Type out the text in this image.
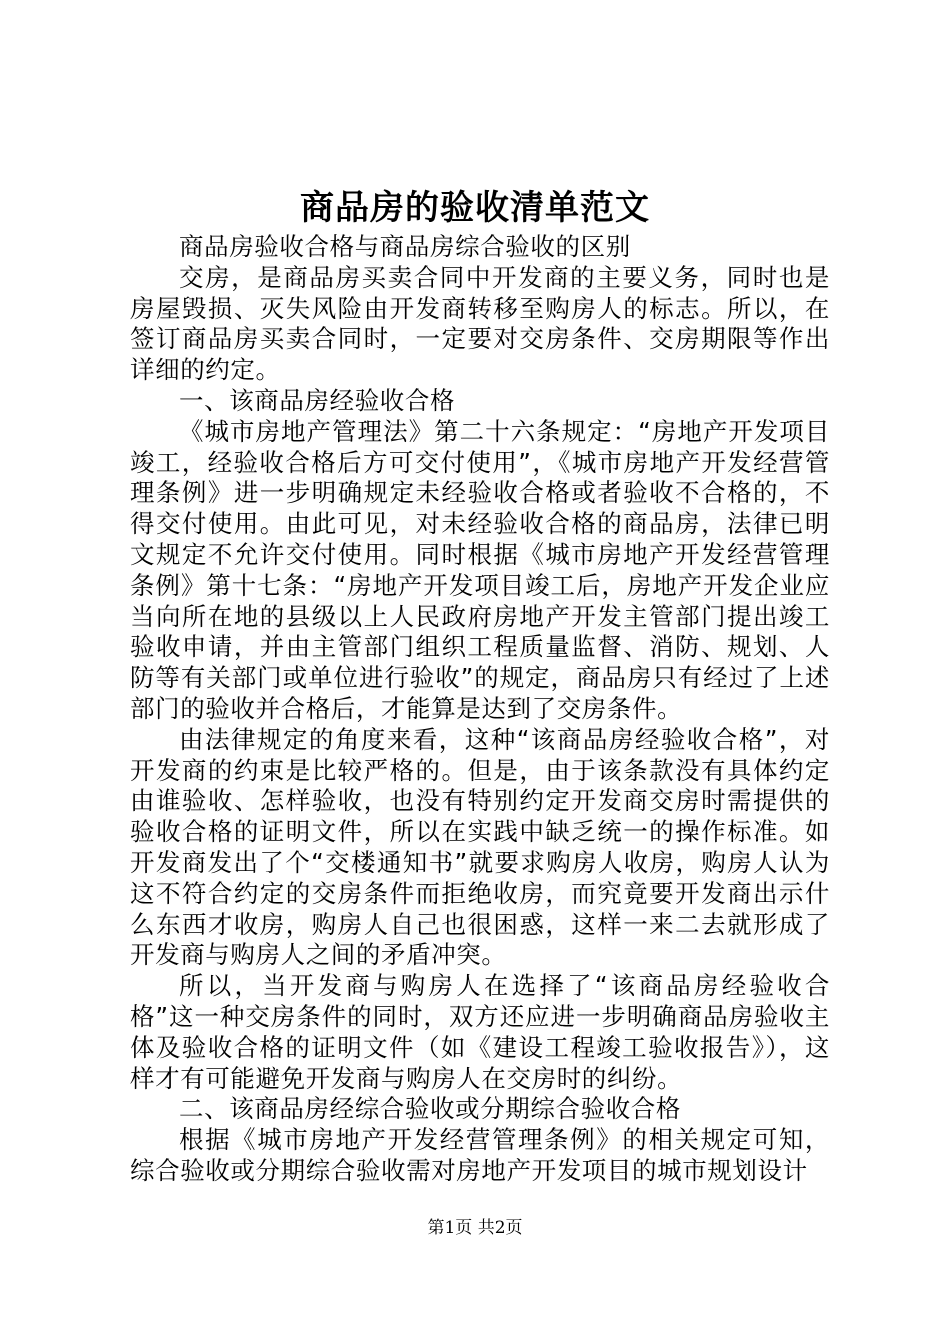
商品房的验收清单范文

商品房验收合格与商品房综合验收的区别

交房，是商品房买卖合同中开发商的主要义务，同时也是房屋毁损、灭失风险由开发商转移至购房人的标志。所以，在签订商品房买卖合同时，一定要对交房条件、交房期限等作出详细的约定。

一、该商品房经验收合格

《城市房地产管理法》第二十六条规定：“房地产开发项目竣工，经验收合格后方可交付使用”，《城市房地产开发经营管理条例》进一步明确规定未经验收合格或者验收不合格的，不得交付使用。由此可见，对未经验收合格的商品房，法律已明文规定不允许交付使用。同时根据《城市房地产开发经营管理条例》第十七条：“房地产开发项目竣工后，房地产开发企业应当向所在地的县级以上人民政府房地产开发主管部门提出竣工验收申请，并由主管部门组织工程质量监督、消防、规划、人防等有关部门或单位进行验收”的规定，商品房只有经过了上述部门的验收并合格后，才能算是达到了交房条件。

由法律规定的角度来看，这种“该商品房经验收合格”，对开发商的约束是比较严格的。但是，由于该条款没有具体约定由谁验收、怎样验收，也没有特别约定开发商交房时需提供的验收合格的证明文件，所以在实践中缺乏统一的操作标准。如开发商发出了个“交楼通知书”就要求购房人收房，购房人认为这不符合约定的交房条件而拒绝收房，而究竟要开发商出示什么东西才收房，购房人自己也很困惑，这样一来二去就形成了开发商与购房人之间的矛盾冲突。

所以，当开发商与购房人在选择了“该商品房经验收合格”这一种交房条件的同时，双方还应进一步明确商品房验收主体及验收合格的证明文件（如《建设工程竣工验收报告》），这样才有可能避免开发商与购房人在交房时的纠纷。

二、该商品房经综合验收或分期综合验收合格

根据《城市房地产开发经营管理条例》的相关规定可知，综合验收或分期综合验收需对房地产开发项目的城市规划设计

第1页 共2页
